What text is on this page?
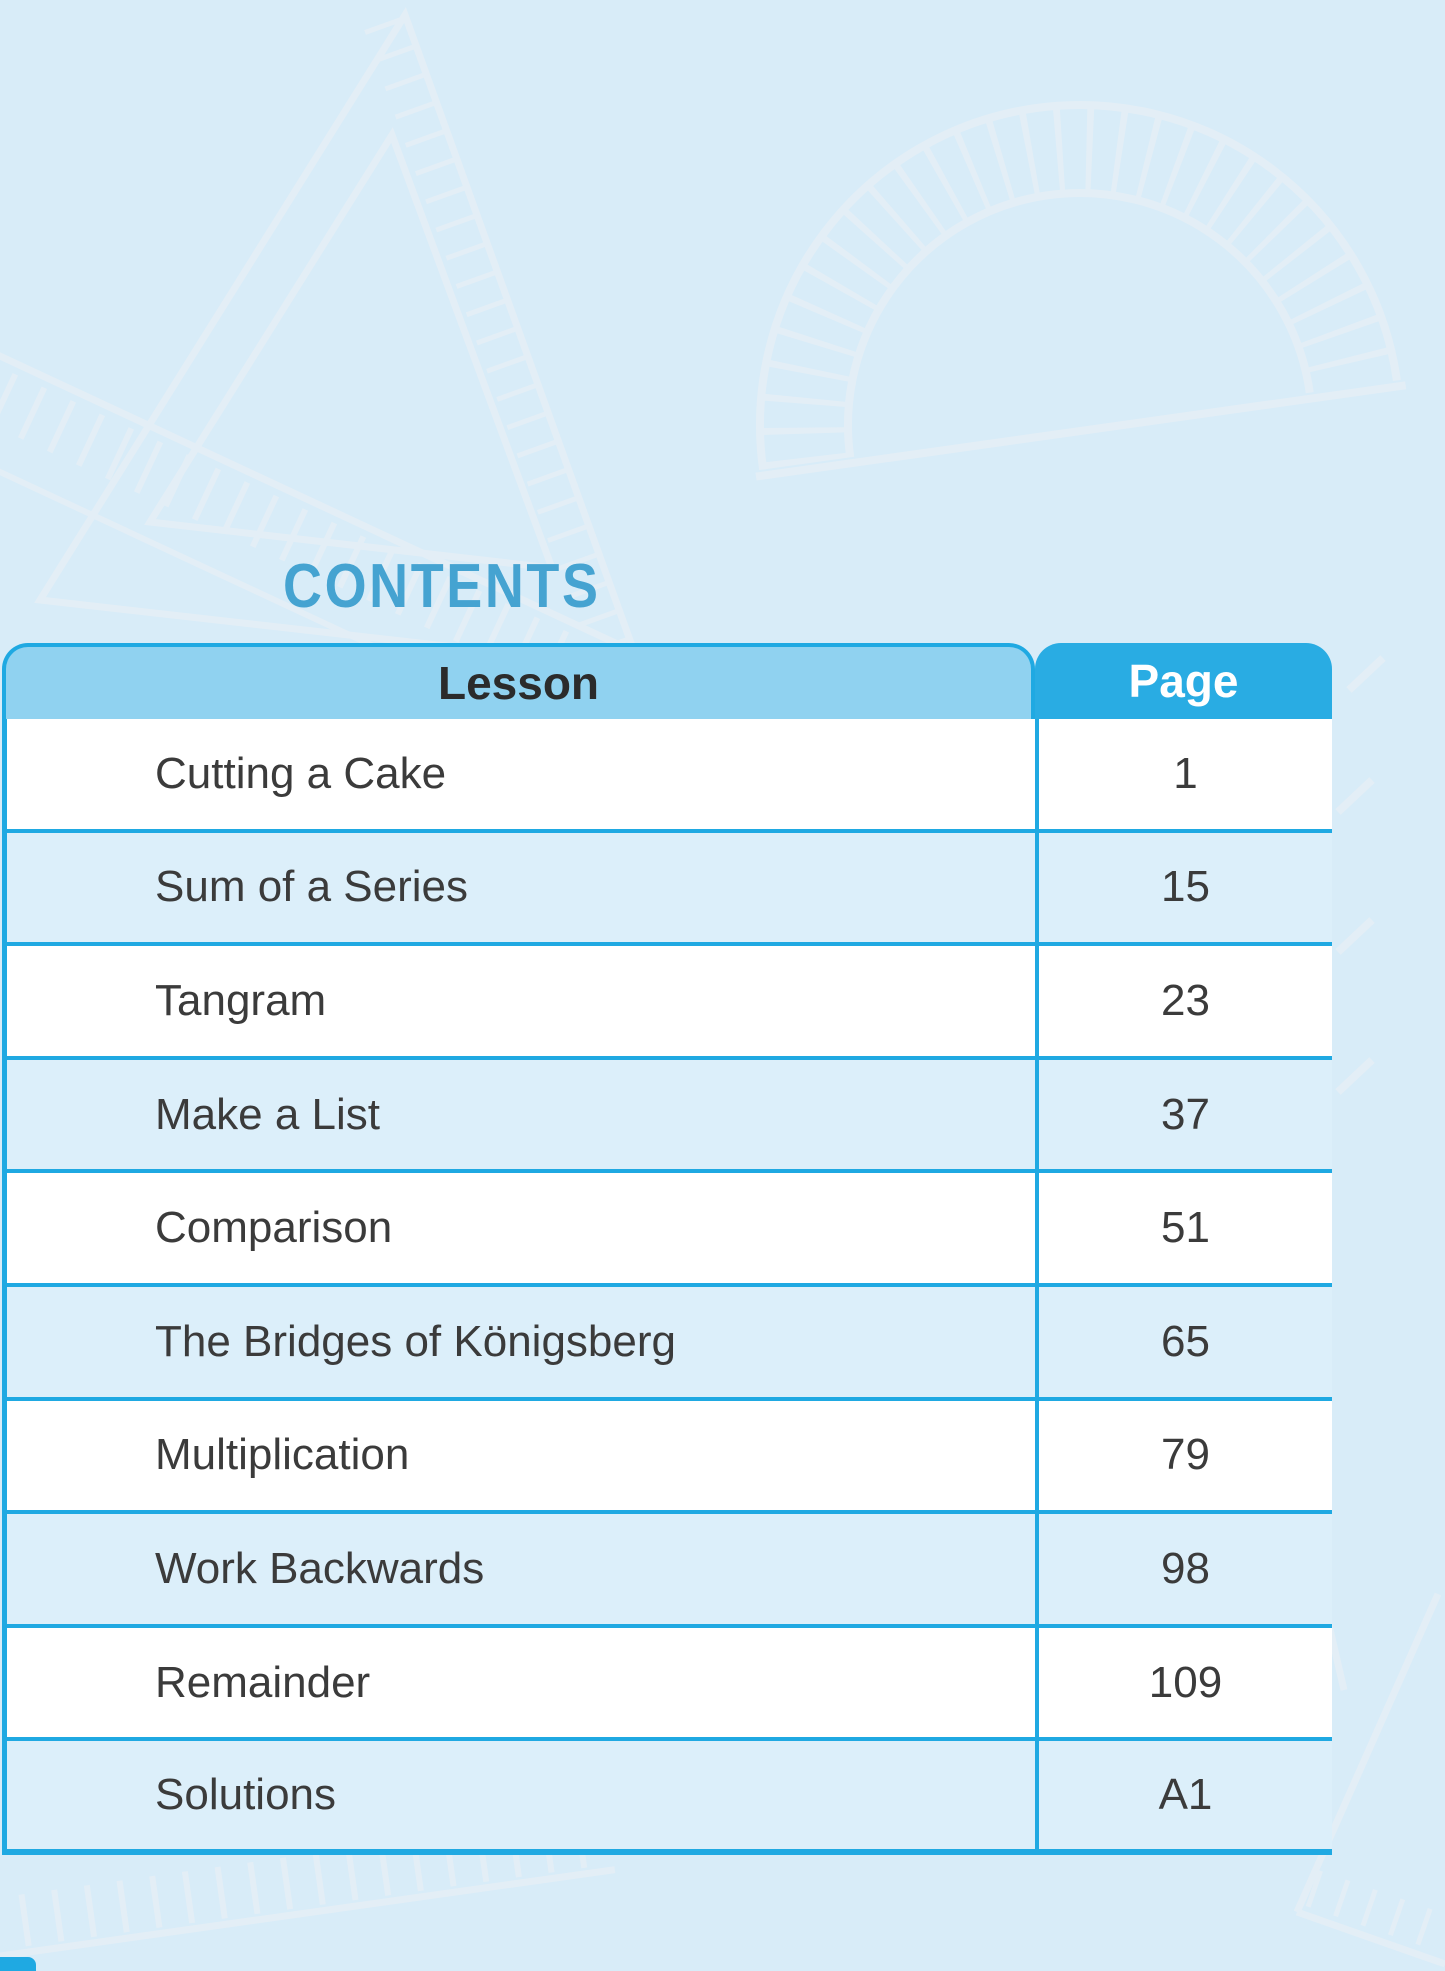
CONTENTS
Lesson	Page
Cutting a Cake	1
Sum of a Series	15
Tangram	23
Make a List	37
Comparison	51
The Bridges of Königsberg	65
Multiplication	79
Work Backwards	98
Remainder	109
Solutions	A1
